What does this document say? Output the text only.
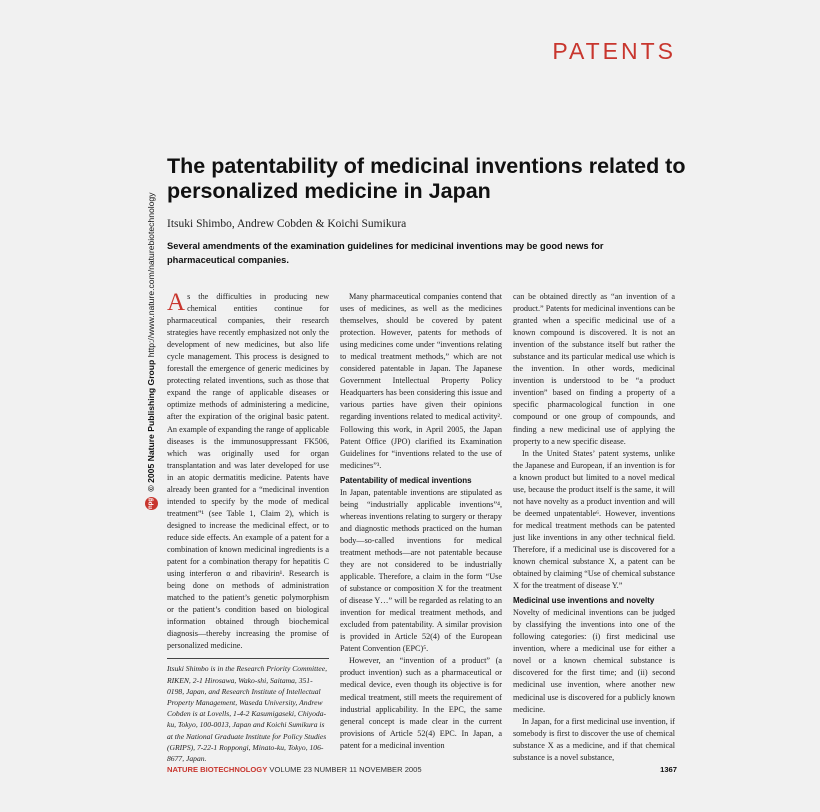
PATENTS
The patentability of medicinal inventions related to personalized medicine in Japan
Itsuki Shimbo, Andrew Cobden & Koichi Sumikura
Several amendments of the examination guidelines for medicinal inventions may be good news for pharmaceutical companies.
npg © 2005 Nature Publishing Group http://www.nature.com/naturebiotechnology As the difficulties in producing new chemical entities continue for pharmaceutical companies, their research strategies have recently emphasized not only the development of new medicines, but also life cycle management. This process is designed to forestall the emergence of generic medicines by protecting related inventions, such as those that expand the range of applicable diseases or optimize methods of administering a medicine, after the expiration of the original basic patent. An example of expanding the range of applicable diseases is the immunosuppressant FK506, which was originally used for organ transplantation and was later developed for use in an atopic dermatitis medicine. Patents have already been granted for a “medicinal invention intended to specify by the mode of medical treatment”¹ (see Table 1, Claim 2), which is designed to increase the medicinal effect, or to reduce side effects. An example of a patent for a combination of known medicinal ingredients is a patent for a combination therapy for hepatitis C using interferon α and ribavirin¹. Research is being done on methods of administration matched to the patient’s genetic polymorphism or the patient’s condition based on biological information obtained through biochemical diagnosis—thereby increasing the promise of personalized medicine.

Itsuki Shimbo is in the Research Priority Committee, RIKEN, 2-1 Hirosawa, Wako-shi, Saitama, 351-0198, Japan, and Research Institute of Intellectual Property Management, Waseda University, Andrew Cobden is at Lovells, 1-4-2 Kasumigaseki, Chiyoda-ku, Tokyo, 100-0013, Japan and Koichi Sumikura is at the National Graduate Institute for Policy Studies (GRIPS), 7-22-1 Roppongi, Minato-ku, Tokyo, 106-8677, Japan.

Many pharmaceutical companies contend that uses of medicines, as well as the medicines themselves, should be covered by patent protection. However, patents for methods of using medicines come under “inventions relating to medical treatment methods,” which are not considered patentable in Japan. The Japanese Government Intellectual Property Policy Headquarters has been considering this issue and various parties have given their opinions regarding inventions related to medical activity². Following this work, in April 2005, the Japan Patent Office (JPO) clarified its Examination Guidelines for “inventions related to the use of medicines”³.

Patentability of medical inventions

In Japan, patentable inventions are stipulated as being “industrially applicable inventions”⁴, whereas inventions relating to surgery or therapy and diagnostic methods practiced on the human body—so-called inventions for medical treatment methods—are not patentable because they are not considered to be industrially applicable. Therefore, a claim in the form “Use of substance or composition X for the treatment of disease Y…” will be regarded as relating to an invention for medical treatment methods, and excluded from patentability. A similar provision is provided in Article 52(4) of the European Patent Convention (EPC)⁵.

However, an “invention of a product” (a product invention) such as a pharmaceutical or medical device, even though its objective is for medical treatment, still meets the requirement of industrial applicability. In the EPC, the same general concept is made clear in the current provisions of Article 52(4) EPC. In Japan, a patent for a medicinal invention

can be obtained directly as “an invention of a product.” Patents for medicinal inventions can be granted when a specific medicinal use of a known compound is discovered. It is not an invention of the substance itself but rather the substance and its particular medical use which is the invention. In other words, medicinal invention is understood to be “a product invention” based on finding a property of a specific pharmacological function in one compound or one group of compounds, and finding a new medicinal use of applying the property to a new specific disease.

In the United States’ patent systems, unlike the Japanese and European, if an invention is for a known product but limited to a novel medical use, because the product itself is the same, it will not have novelty as a product invention and will be deemed unpatentable⁶. However, inventions for medical treatment methods can be patented just like inventions in any other technical field. Therefore, if a medicinal use is discovered for a known chemical substance X, a patent can be obtained by claiming “Use of chemical substance X for the treatment of disease Y.”

Medicinal use inventions and novelty

Novelty of medicinal inventions can be judged by classifying the inventions into one of the following categories: (i) first medicinal use invention, where a medicinal use for either a novel or a known chemical substance is discovered for the first time; and (ii) second medicinal use invention, where another new medicinal use is discovered for a publicly known medicine.

In Japan, for a first medicinal use invention, if somebody is first to discover the use of chemical substance X as a medicine, and if that chemical substance is a novel substance,

NATURE BIOTECHNOLOGY VOLUME 23 NUMBER 11 NOVEMBER 2005	1367
